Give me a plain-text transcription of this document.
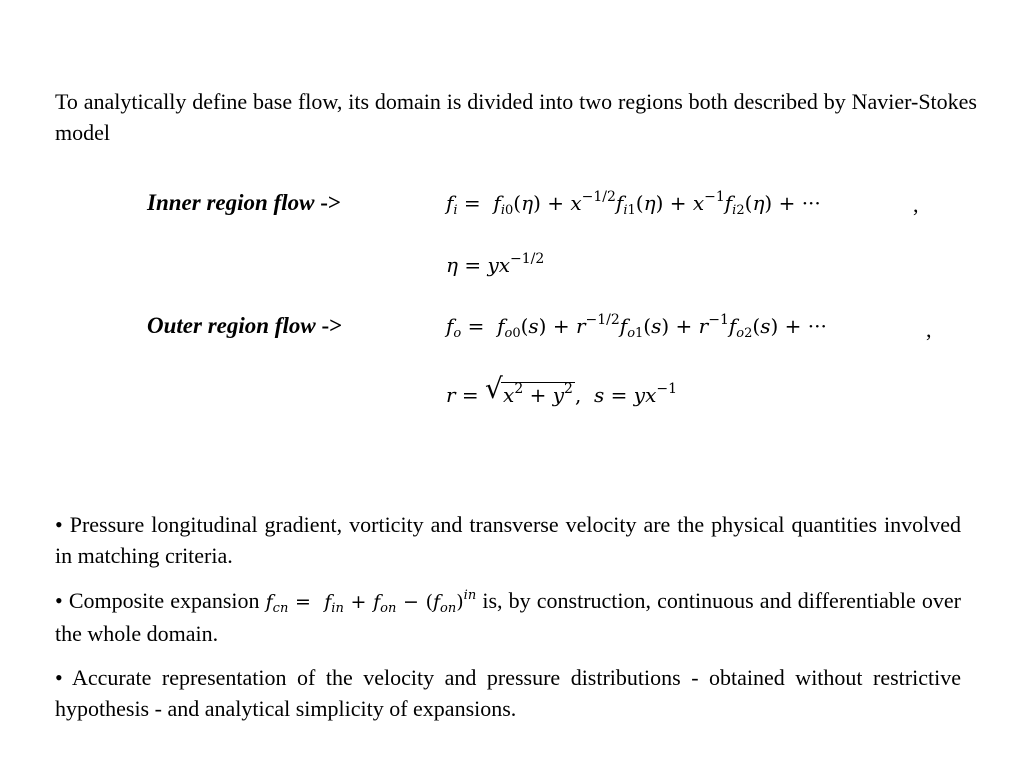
To analytically define base flow, its domain is divided into two regions both described by Navier-Stokes model

Inner region flow ->	$f_i = f_{i0}(\eta) + x^{-1/2}f_{i1}(\eta) + x^{-1}f_{i2}(\eta)$ + ···	,
$\eta = yx^{-1/2}$
Outer region flow ->	$f_o = f_{o0}(s) + r^{-1/2}f_{o1}(s) + r^{-1}f_{o2}(s)$ + ···	,
r = √ $x^2 + y^2$ ,  $s = yx^{-1}$

• Pressure longitudinal gradient, vorticity and transverse velocity are the physical quantities involved in matching criteria.

• Composite expansion $f_{cn} = f_{in} + f_{on} - (f_{on})^{in}$ is, by construction, continuous and differentiable over the whole domain.

• Accurate representation of the velocity and pressure distributions - obtained without restrictive hypothesis - and analytical simplicity of expansions.
